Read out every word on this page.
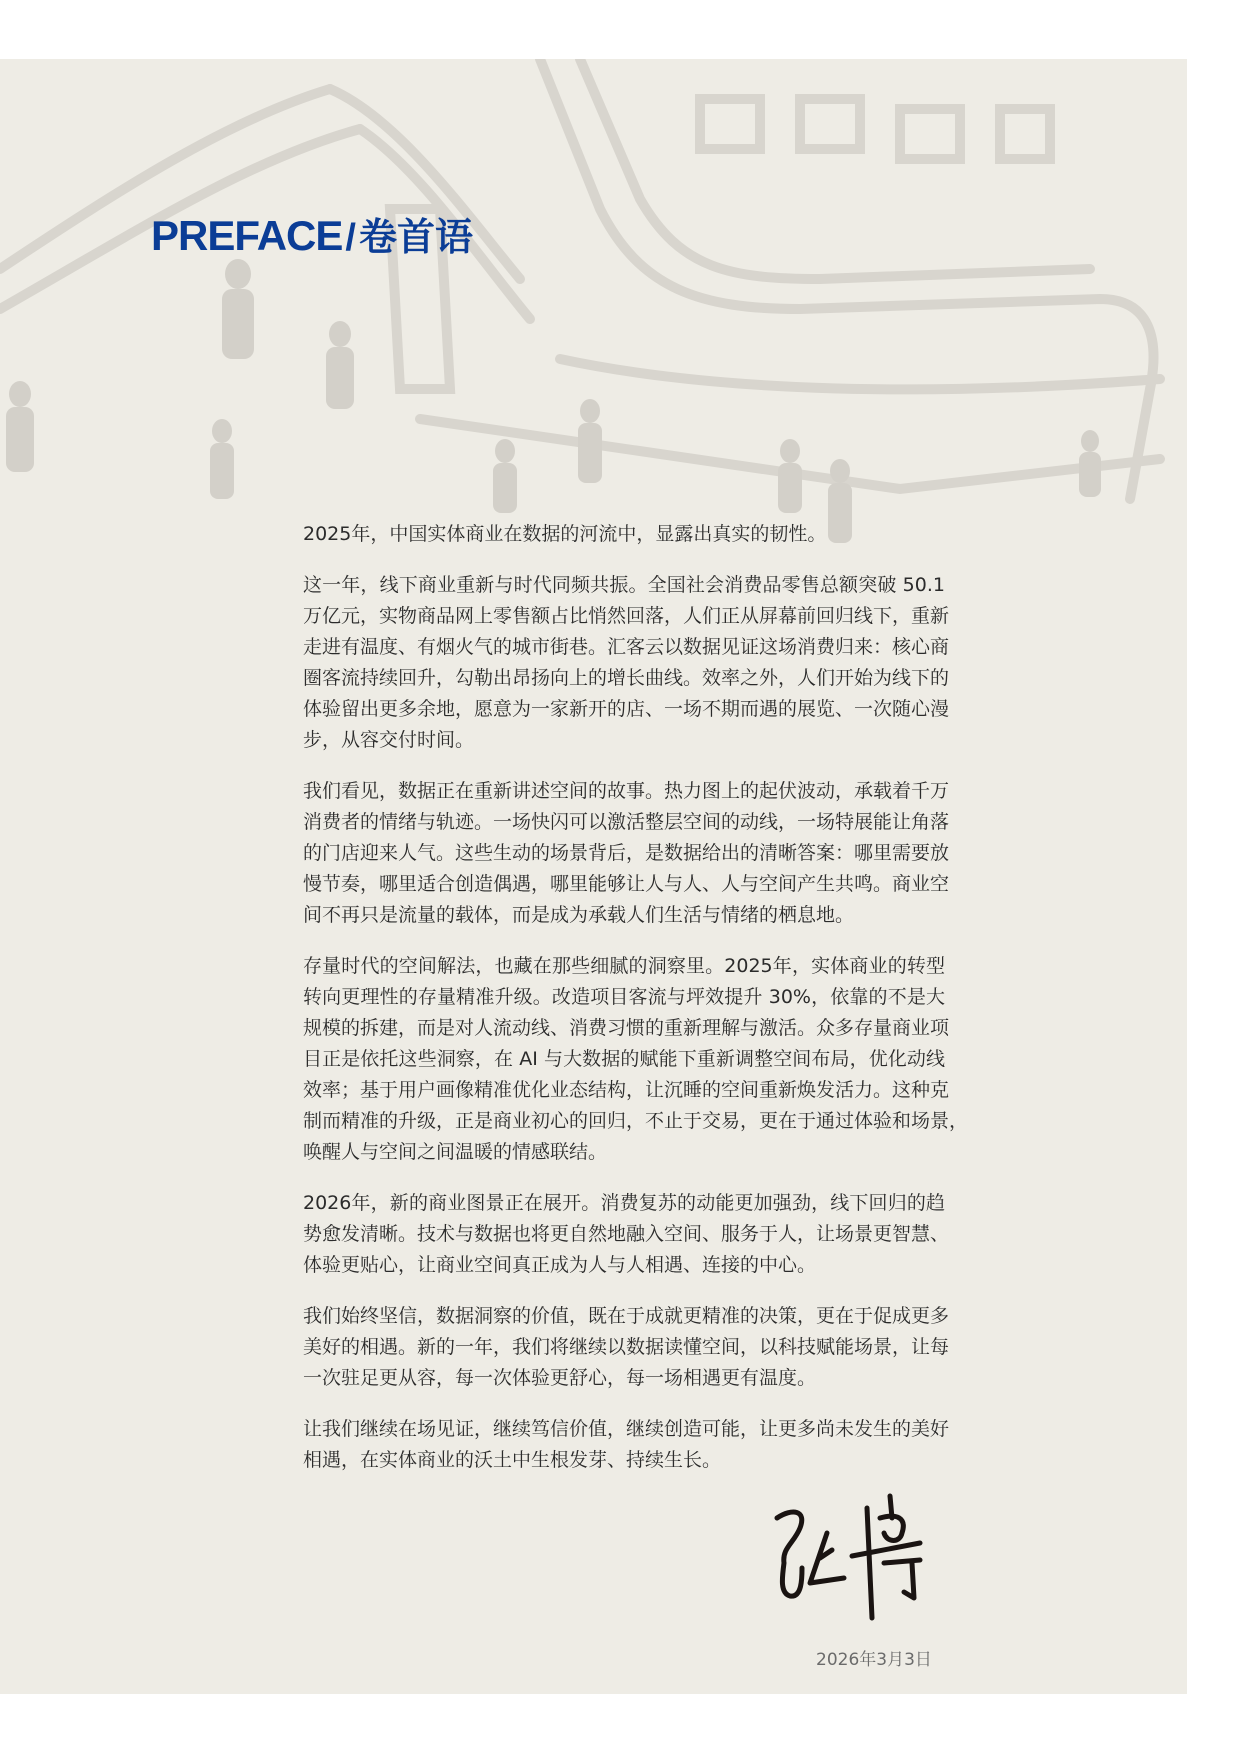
PREFACE / 卷首语
2025年，中国实体商业在数据的河流中，显露出真实的韧性。
这一年，线下商业重新与时代同频共振。全国社会消费品零售总额突破 50.1
万亿元，实物商品网上零售额占比悄然回落，人们正从屏幕前回归线下，重新
走进有温度、有烟火气的城市街巷。汇客云以数据见证这场消费归来：核心商
圈客流持续回升，勾勒出昂扬向上的增长曲线。效率之外，人们开始为线下的
体验留出更多余地，愿意为一家新开的店、一场不期而遇的展览、一次随心漫
步，从容交付时间。
我们看见，数据正在重新讲述空间的故事。热力图上的起伏波动，承载着千万
消费者的情绪与轨迹。一场快闪可以激活整层空间的动线，一场特展能让角落
的门店迎来人气。这些生动的场景背后，是数据给出的清晰答案：哪里需要放
慢节奏，哪里适合创造偶遇，哪里能够让人与人、人与空间产生共鸣。商业空
间不再只是流量的载体，而是成为承载人们生活与情绪的栖息地。
存量时代的空间解法，也藏在那些细腻的洞察里。2025年，实体商业的转型
转向更理性的存量精准升级。改造项目客流与坪效提升 30%，依靠的不是大
规模的拆建，而是对人流动线、消费习惯的重新理解与激活。众多存量商业项
目正是依托这些洞察，在 AI 与大数据的赋能下重新调整空间布局，优化动线
效率；基于用户画像精准优化业态结构，让沉睡的空间重新焕发活力。这种克
制而精准的升级，正是商业初心的回归，不止于交易，更在于通过体验和场景，
唤醒人与空间之间温暖的情感联结。
2026年，新的商业图景正在展开。消费复苏的动能更加强劲，线下回归的趋
势愈发清晰。技术与数据也将更自然地融入空间、服务于人，让场景更智慧、
体验更贴心，让商业空间真正成为人与人相遇、连接的中心。
我们始终坚信，数据洞察的价值，既在于成就更精准的决策，更在于促成更多
美好的相遇。新的一年，我们将继续以数据读懂空间，以科技赋能场景，让每
一次驻足更从容，每一次体验更舒心，每一场相遇更有温度。
让我们继续在场见证，继续笃信价值，继续创造可能，让更多尚未发生的美好
相遇，在实体商业的沃土中生根发芽、持续生长。
2026年3月3日
